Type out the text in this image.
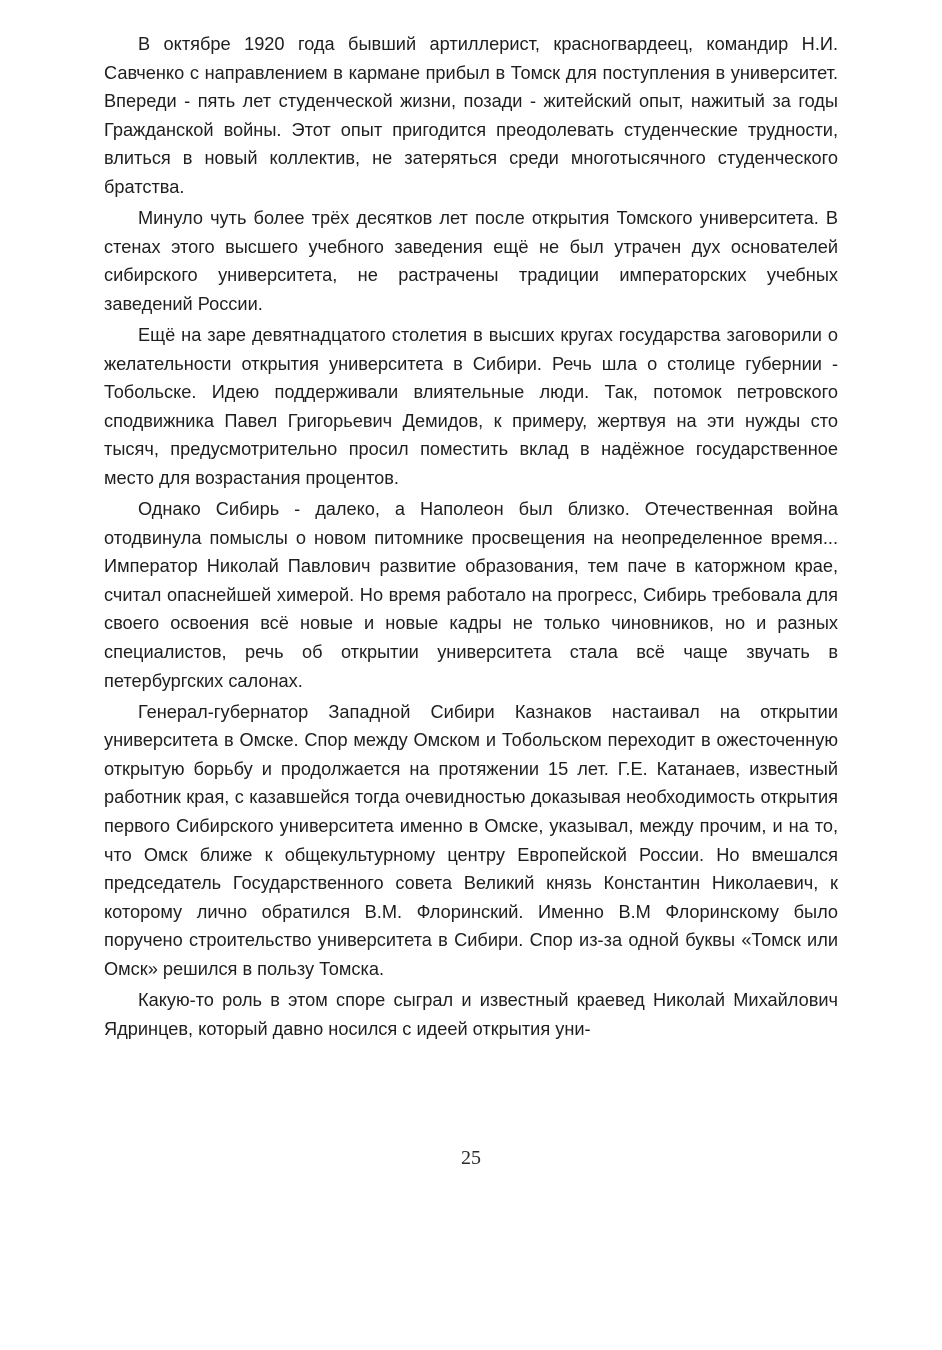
В октябре 1920 года бывший артиллерист, красногвардеец, командир Н.И. Савченко с направлением в кармане прибыл в Томск для поступления в университет. Впереди - пять лет студенческой жизни, позади - житейский опыт, нажитый за годы Гражданской войны. Этот опыт пригодится преодолевать студенческие трудности, влиться в новый коллектив, не затеряться среди многотысячного студенческого братства.

Минуло чуть более трёх десятков лет после открытия Томского университета. В стенах этого высшего учебного заведения ещё не был утрачен дух основателей сибирского университета, не растрачены традиции императорских учебных заведений России.

Ещё на заре девятнадцатого столетия в высших кругах государства заговорили о желательности открытия университета в Сибири. Речь шла о столице губернии - Тобольске. Идею поддерживали влиятельные люди. Так, потомок петровского сподвижника Павел Григорьевич Демидов, к примеру, жертвуя на эти нужды сто тысяч, предусмотрительно просил поместить вклад в надёжное государственное место для возрастания процентов.

Однако Сибирь - далеко, а Наполеон был близко. Отечественная война отодвинула помыслы о новом питомнике просвещения на неопределенное время... Император Николай Павлович развитие образования, тем паче в каторжном крае, считал опаснейшей химерой. Но время работало на прогресс, Сибирь требовала для своего освоения всё новые и новые кадры не только чиновников, но и разных специалистов, речь об открытии университета стала всё чаще звучать в петербургских салонах.

Генерал-губернатор Западной Сибири Казнаков настаивал на открытии университета в Омске. Спор между Омском и Тобольском переходит в ожесточенную открытую борьбу и продолжается на протяжении 15 лет. Г.Е. Катанаев, известный работник края, с казавшейся тогда очевидностью доказывая необходимость открытия первого Сибирского университета именно в Омске, указывал, между прочим, и на то, что Омск ближе к общекультурному центру Европейской России. Но вмешался председатель Государственного совета Великий князь Константин Николаевич, к которому лично обратился В.М. Флоринский. Именно В.М Флоринскому было поручено строительство университета в Сибири. Спор из-за одной буквы «Томск или Омск» решился в пользу Томска.

Какую-то роль в этом споре сыграл и известный краевед Николай Михайлович Ядринцев, который давно носился с идеей открытия уни-

25
